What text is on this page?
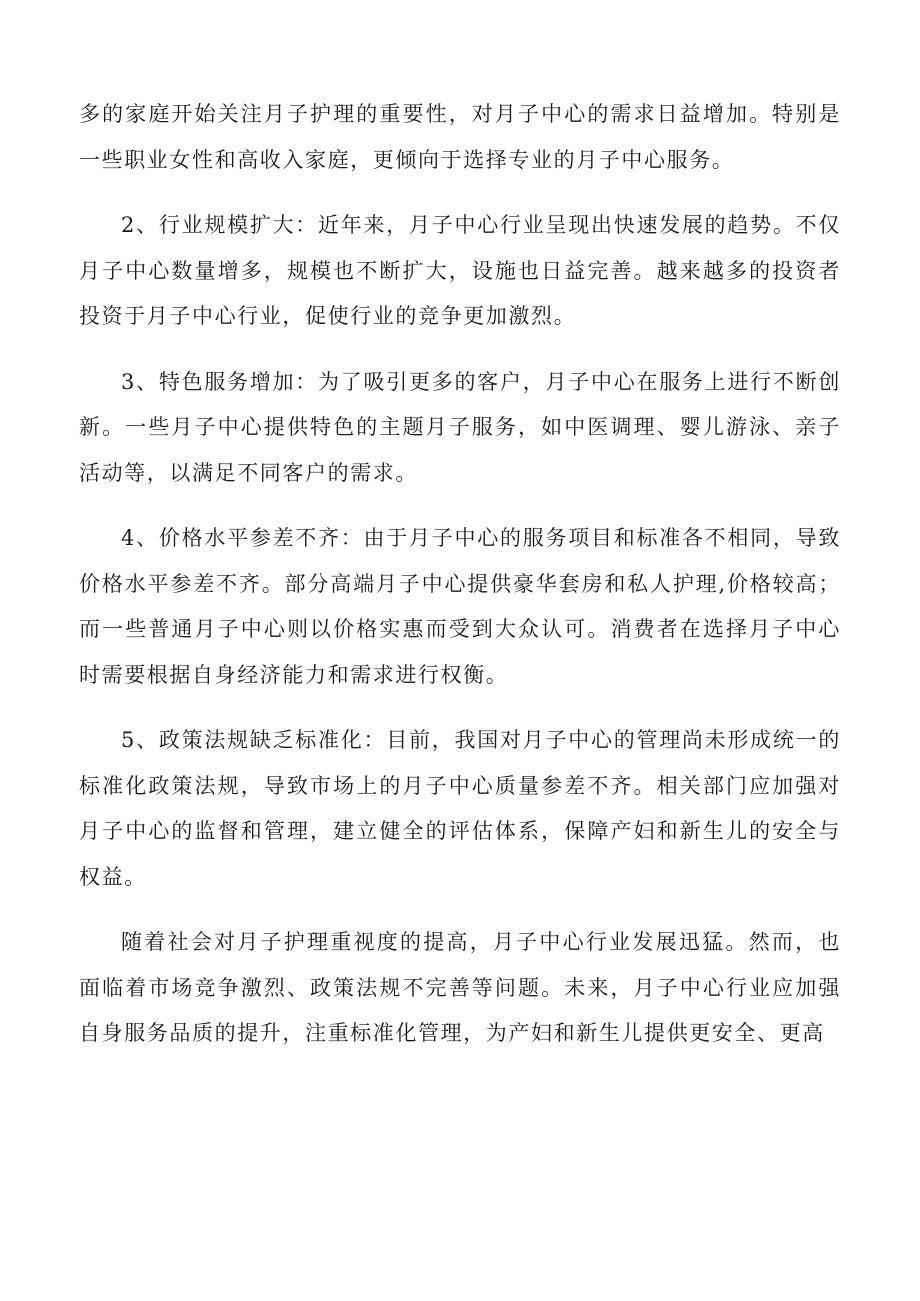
多的家庭开始关注月子护理的重要性，对月子中心的需求日益增加。特别是一些职业女性和高收入家庭，更倾向于选择专业的月子中心服务。

2、行业规模扩大：近年来，月子中心行业呈现出快速发展的趋势。不仅月子中心数量增多，规模也不断扩大，设施也日益完善。越来越多的投资者投资于月子中心行业，促使行业的竞争更加激烈。

3、特色服务增加：为了吸引更多的客户，月子中心在服务上进行不断创新。一些月子中心提供特色的主题月子服务，如中医调理、婴儿游泳、亲子活动等，以满足不同客户的需求。

4、价格水平参差不齐：由于月子中心的服务项目和标准各不相同，导致价格水平参差不齐。部分高端月子中心提供豪华套房和私人护理,价格较高；而一些普通月子中心则以价格实惠而受到大众认可。消费者在选择月子中心时需要根据自身经济能力和需求进行权衡。

5、政策法规缺乏标准化：目前，我国对月子中心的管理尚未形成统一的标准化政策法规，导致市场上的月子中心质量参差不齐。相关部门应加强对月子中心的监督和管理，建立健全的评估体系，保障产妇和新生儿的安全与权益。

随着社会对月子护理重视度的提高，月子中心行业发展迅猛。然而，也面临着市场竞争激烈、政策法规不完善等问题。未来，月子中心行业应加强自身服务品质的提升，注重标准化管理，为产妇和新生儿提供更安全、更高
